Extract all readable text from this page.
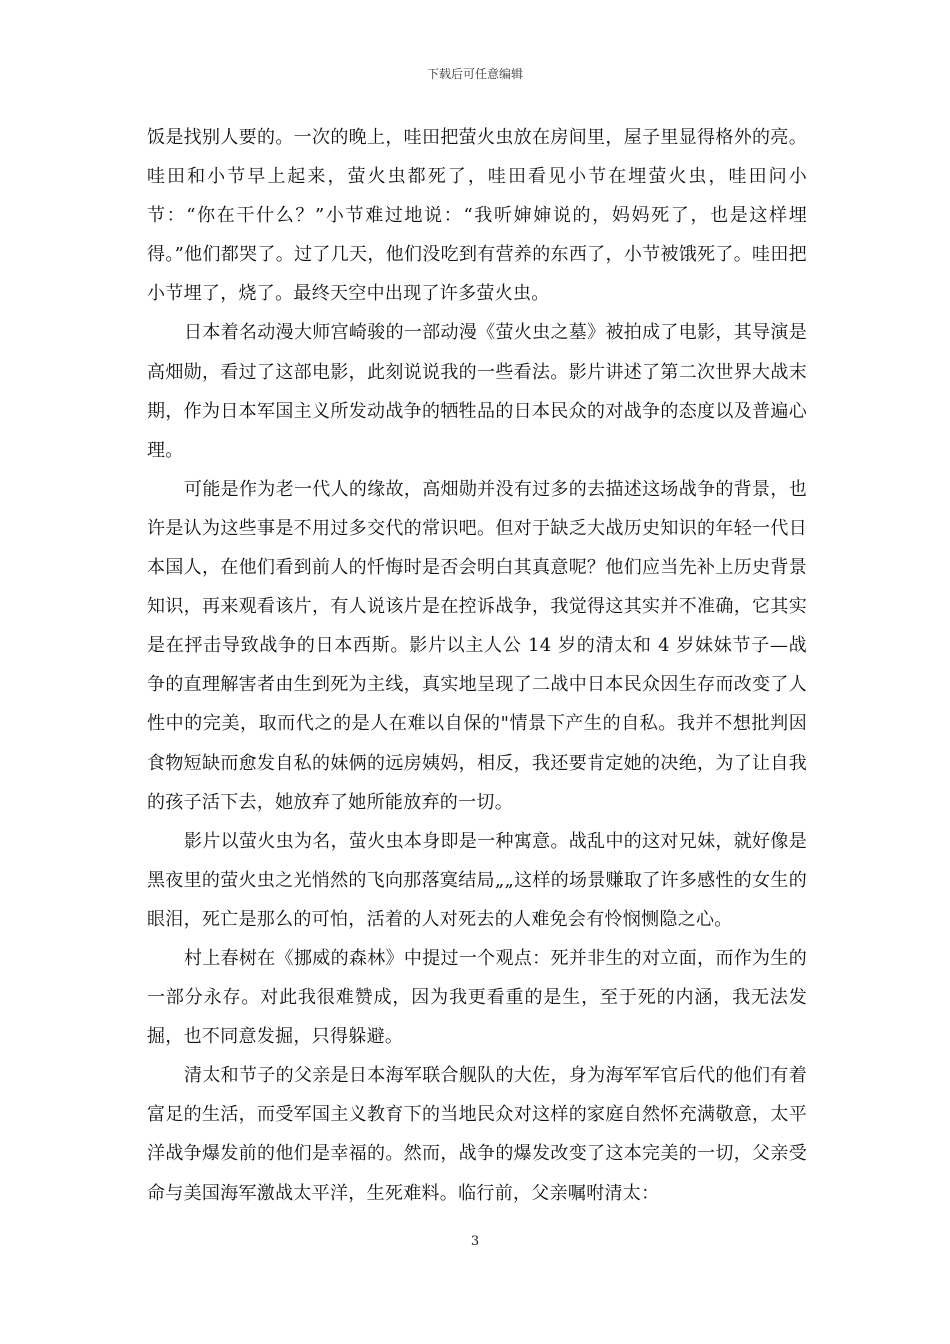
下载后可任意编辑

饭是找别人要的。一次的晚上，哇田把萤火虫放在房间里，屋子里显得格外的亮。哇田和小节早上起来，萤火虫都死了，哇田看见小节在埋萤火虫，哇田问小节：“你在干什么？”小节难过地说：“我听婶婶说的，妈妈死了，也是这样埋得。”他们都哭了。过了几天，他们没吃到有营养的东西了，小节被饿死了。哇田把小节埋了，烧了。最终天空中出现了许多萤火虫。

日本着名动漫大师宫崎骏的一部动漫《萤火虫之墓》被拍成了电影，其导演是高畑勋，看过了这部电影，此刻说说我的一些看法。影片讲述了第二次世界大战末期，作为日本军国主义所发动战争的牺牲品的日本民众的对战争的态度以及普遍心理。

可能是作为老一代人的缘故，高畑勋并没有过多的去描述这场战争的背景，也许是认为这些事是不用过多交代的常识吧。但对于缺乏大战历史知识的年轻一代日本国人，在他们看到前人的忏悔时是否会明白其真意呢？他们应当先补上历史背景知识，再来观看该片，有人说该片是在控诉战争，我觉得这其实并不准确，它其实是在抨击导致战争的日本西斯。影片以主人公 14 岁的清太和 4 岁妹妹节子—战争的直理解害者由生到死为主线，真实地呈现了二战中日本民众因生存而改变了人性中的完美，取而代之的是人在难以自保的"情景下产生的自私。我并不想批判因食物短缺而愈发自私的妹俩的远房姨妈，相反，我还要肯定她的决绝，为了让自我的孩子活下去，她放弃了她所能放弃的一切。

影片以萤火虫为名，萤火虫本身即是一种寓意。战乱中的这对兄妹，就好像是黑夜里的萤火虫之光悄然的飞向那落寞结局„„这样的场景赚取了许多感性的女生的眼泪，死亡是那么的可怕，活着的人对死去的人难免会有怜悯恻隐之心。

村上春树在《挪威的森林》中提过一个观点：死并非生的对立面，而作为生的一部分永存。对此我很难赞成，因为我更看重的是生，至于死的内涵，我无法发掘，也不同意发掘，只得躲避。

清太和节子的父亲是日本海军联合舰队的大佐，身为海军军官后代的他们有着富足的生活，而受军国主义教育下的当地民众对这样的家庭自然怀充满敬意，太平洋战争爆发前的他们是幸福的。然而，战争的爆发改变了这本完美的一切，父亲受命与美国海军激战太平洋，生死难料。临行前，父亲嘱咐清太：

3
